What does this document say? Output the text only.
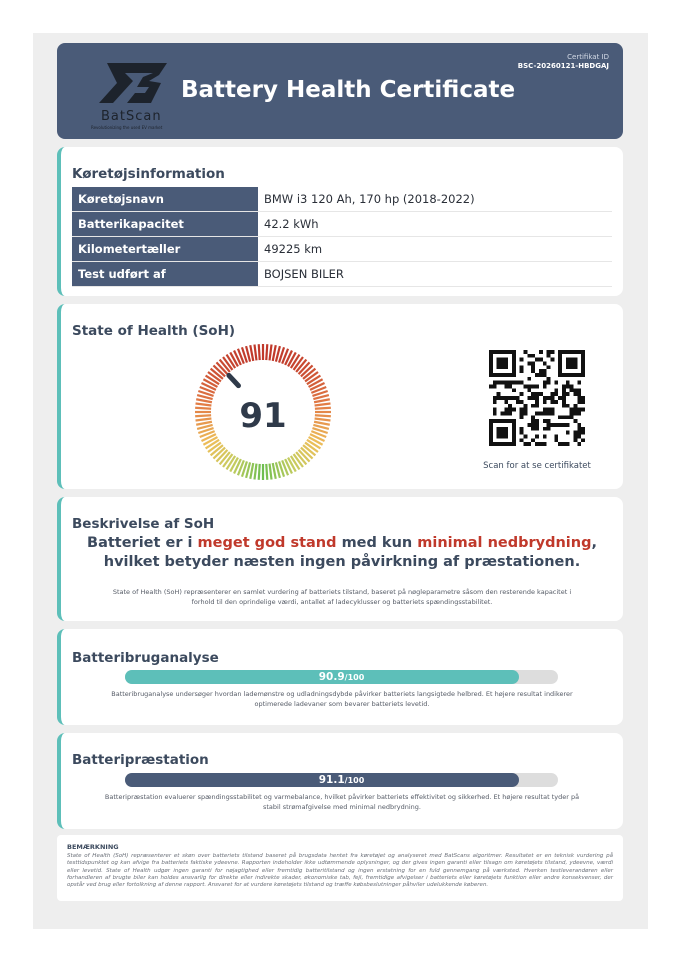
BatScan
Revolutionizing the used EV market
Battery Health Certificate
Certifikat ID
BSC-20260121-HBDGAJ
Køretøjsinformation
Køretøjsnavn	BMW i3 120 Ah, 170 hp (2018-2022)
Batterikapacitet	42.2 kWh
Kilometertæller	49225 km
Test udført af	BOJSEN BILER
State of Health (SoH)
91
Scan for at se certifikatet
Beskrivelse af SoH
Batteriet er i meget god stand med kun minimal nedbrydning, hvilket betyder næsten ingen påvirkning af præstationen.
State of Health (SoH) repræsenterer en samlet vurdering af batteriets tilstand, baseret på nøgleparametre såsom den resterende kapacitet i forhold til den oprindelige værdi, antallet af ladecyklusser og batteriets spændingsstabilitet.
Batteribruganalyse
90.9/100
Batteribruganalyse undersøger hvordan lademønstre og udladningsdybde påvirker batteriets langsigtede helbred. Et højere resultat indikerer optimerede ladevaner som bevarer batteriets levetid.
Batteripræstation
91.1/100
Batteripræstation evaluerer spændingsstabilitet og varmebalance, hvilket påvirker batteriets effektivitet og sikkerhed. Et højere resultat tyder på stabil strømafgivelse med minimal nedbrydning.
BEMÆRKNING
State of Health (SoH) repræsenterer et skøn over batteriets tilstand baseret på brugsdata hentet fra køretøjet og analyseret med BatScans algoritmer. Resultatet er en teknisk vurdering på testtidspunktet og kan afvige fra batteriets faktiske ydeevne. Rapporten indeholder ikke udtømmende oplysninger, og der gives ingen garanti eller tilsagn om køretøjets tilstand, ydeevne, værdi eller levetid. State of Health udgør ingen garanti for nøjagtighed eller fremtidig batteritilstand og ingen erstatning for en fuld gennemgang på værksted. Hverken testleverandøren eller forhandleren af brugte biler kan holdes ansvarlig for direkte eller indirekte skader, økonomiske tab, fejl, fremtidige afvigelser i batteriets eller køretøjets funktion eller andre konsekvenser, der opstår ved brug eller fortolkning af denne rapport. Ansvaret for at vurdere køretøjets tilstand og træffe købsbeslutninger påhviler udelukkende køberen.
